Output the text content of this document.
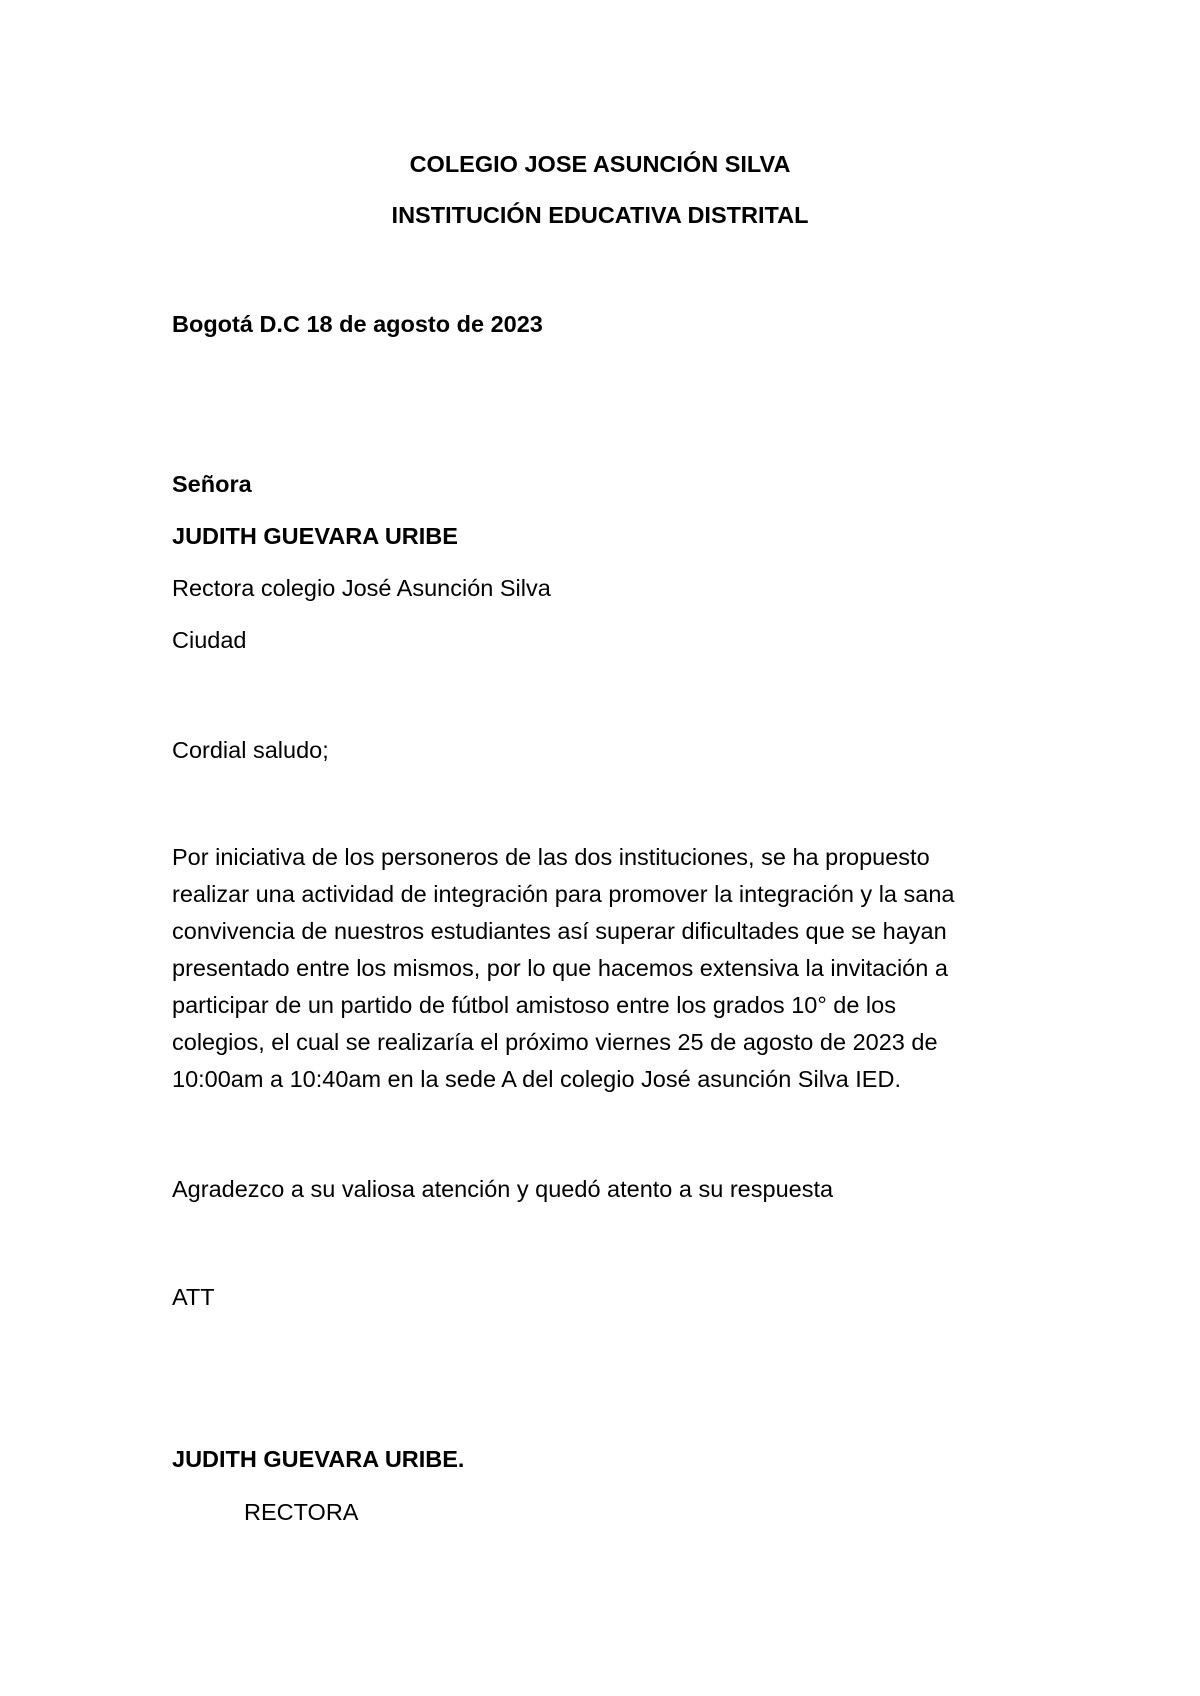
COLEGIO JOSE ASUNCIÓN SILVA
INSTITUCIÓN EDUCATIVA DISTRITAL
Bogotá D.C 18 de agosto de 2023
Señora
JUDITH GUEVARA URIBE
Rectora colegio José Asunción Silva
Ciudad
Cordial saludo;
Por iniciativa de los personeros de las dos instituciones, se ha propuesto
realizar una actividad de integración para promover la integración y la sana
convivencia de nuestros estudiantes así superar dificultades que se hayan
presentado entre los mismos, por lo que hacemos extensiva la invitación a
participar de un partido de fútbol amistoso entre los grados 10° de los
colegios, el cual se realizaría el próximo viernes 25 de agosto de 2023 de
10:00am a 10:40am en la sede A del colegio José asunción Silva IED.
Agradezco a su valiosa atención y quedó atento a su respuesta
ATT
JUDITH GUEVARA URIBE.
RECTORA
